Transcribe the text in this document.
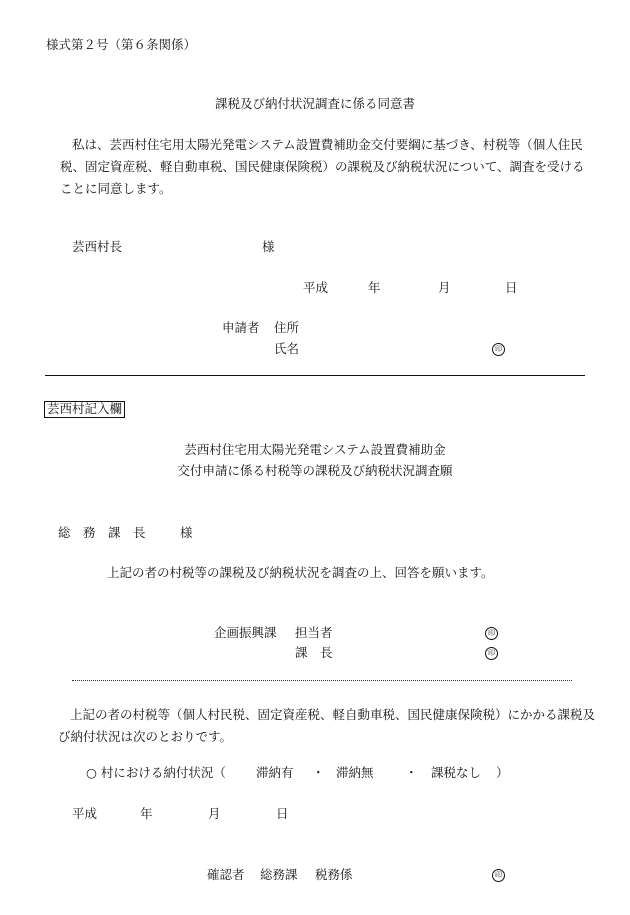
様式第２号（第６条関係）
課税及び納付状況調査に係る同意書
私は、芸西村住宅用太陽光発電システム設置費補助金交付要綱に基づき、村税等（個人住民税、固定資産税、軽自動車税、国民健康保険税）の課税及び納税状況について、調査を受けることに同意します。
芸西村長	様
平成	年	月	日
申請者 住所
氏名	印
芸西村記入欄
芸西村住宅用太陽光発電システム設置費補助金
交付申請に係る村税等の課税及び納税状況調査願
総　務　課　長	様
上記の者の村税等の課税及び納税状況を調査の上、回答を願います。
企画振興課 担当者	印
課　長	印
上記の者の村税等（個人村民税、固定資産税、軽自動車税、国民健康保険税）にかかる課税及び納付状況は次のとおりです。
○ 村における納付状況（ 滞納有 ・ 滞納無	・ 課税なし ）
平成	年	月	日
確認者 総務課 税務係	印
